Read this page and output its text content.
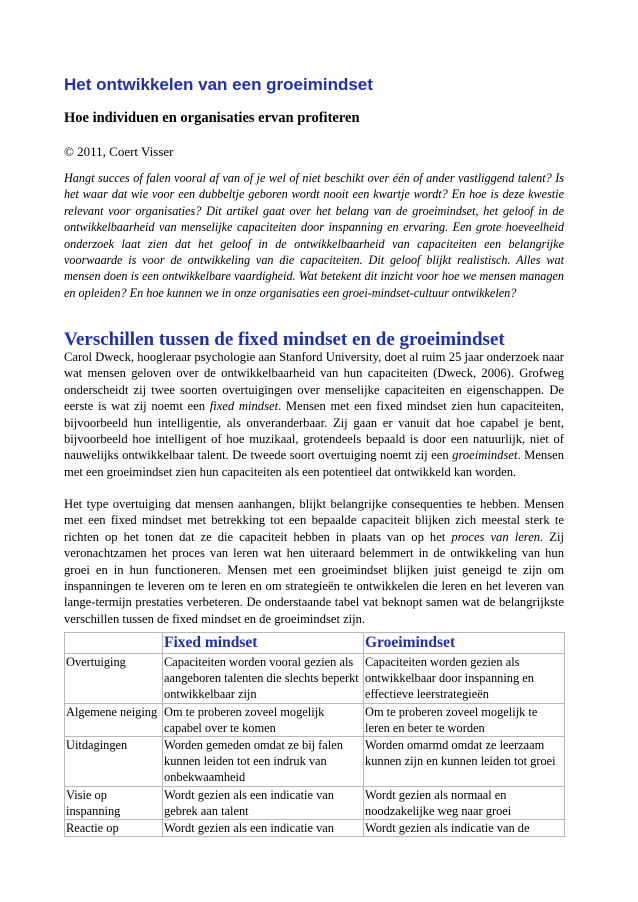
Het ontwikkelen van een groeimindset
Hoe individuen en organisaties ervan profiteren
© 2011, Coert Visser

Hangt succes of falen vooral af van of je wel of niet beschikt over één of ander vastliggend talent? Is het waar dat wie voor een dubbeltje geboren wordt nooit een kwartje wordt? En hoe is deze kwestie relevant voor organisaties? Dit artikel gaat over het belang van de groeimindset, het geloof in de ontwikkelbaarheid van menselijke capaciteiten door inspanning en ervaring. Een grote hoeveelheid onderzoek laat zien dat het geloof in de ontwikkelbaarheid van capaciteiten een belangrijke voorwaarde is voor de ontwikkeling van die capaciteiten. Dit geloof blijkt realistisch. Alles wat mensen doen is een ontwikkelbare vaardigheid. Wat betekent dit inzicht voor hoe we mensen managen en opleiden? En hoe kunnen we in onze organisaties een groei-mindset-cultuur ontwikkelen?

Verschillen tussen de fixed mindset en de groeimindset

Carol Dweck, hoogleraar psychologie aan Stanford University, doet al ruim 25 jaar onderzoek naar wat mensen geloven over de ontwikkelbaarheid van hun capaciteiten (Dweck, 2006). Grofweg onderscheidt zij twee soorten overtuigingen over menselijke capaciteiten en eigenschappen. De eerste is wat zij noemt een fixed mindset. Mensen met een fixed mindset zien hun capaciteiten, bijvoorbeeld hun intelligentie, als onveranderbaar. Zij gaan er vanuit dat hoe capabel je bent, bijvoorbeeld hoe intelligent of hoe muzikaal, grotendeels bepaald is door een natuurlijk, niet of nauwelijks ontwikkelbaar talent. De tweede soort overtuiging noemt zij een groeimindset. Mensen met een groeimindset zien hun capaciteiten als een potentieel dat ontwikkeld kan worden.

Het type overtuiging dat mensen aanhangen, blijkt belangrijke consequenties te hebben. Mensen met een fixed mindset met betrekking tot een bepaalde capaciteit blijken zich meestal sterk te richten op het tonen dat ze die capaciteit hebben in plaats van op het proces van leren. Zij veronachtzamen het proces van leren wat hen uiteraard belemmert in de ontwikkeling van hun groei en in hun functioneren. Mensen met een groeimindset blijken juist geneigd te zijn om inspanningen te leveren om te leren en om strategieën te ontwikkelen die leren en het leveren van lange-termijn prestaties verbeteren. De onderstaande tabel vat beknopt samen wat de belangrijkste verschillen tussen de fixed mindset en de groeimindset zijn.

	Fixed mindset	Groeimindset
Overtuiging	Capaciteiten worden vooral gezien als aangeboren talenten die slechts beperkt ontwikkelbaar zijn	Capaciteiten worden gezien als ontwikkelbaar door inspanning en effectieve leerstrategieën
Algemene neiging	Om te proberen zoveel mogelijk capabel over te komen	Om te proberen zoveel mogelijk te leren en beter te worden
Uitdagingen	Worden gemeden omdat ze bij falen kunnen leiden tot een indruk van onbekwaamheid	Worden omarmd omdat ze leerzaam kunnen zijn en kunnen leiden tot groei
Visie op inspanning	Wordt gezien als een indicatie van gebrek aan talent	Wordt gezien als normaal en noodzakelijke weg naar groei
Reactie op	Wordt gezien als een indicatie van	Wordt gezien als indicatie van de
